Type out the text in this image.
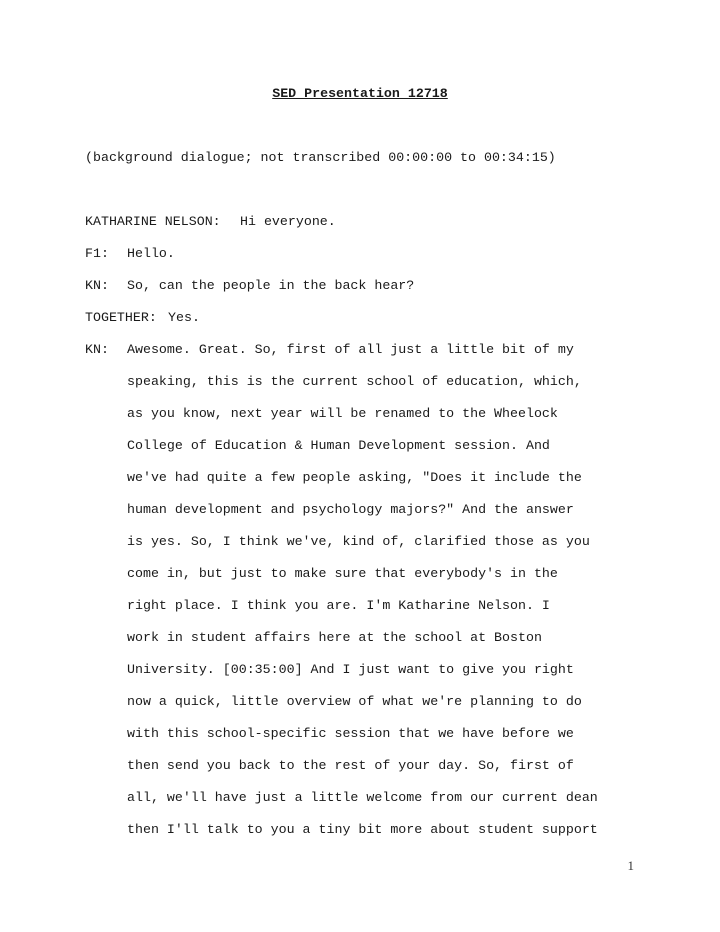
SED Presentation 12718
(background dialogue; not transcribed 00:00:00 to 00:34:15)
KATHARINE NELSON: Hi everyone.
F1: Hello.
KN: So, can the people in the back hear?
TOGETHER: Yes.
KN: Awesome. Great. So, first of all just a little bit of my
speaking, this is the current school of education, which,
as you know, next year will be renamed to the Wheelock
College of Education & Human Development session. And
we've had quite a few people asking, "Does it include the
human development and psychology majors?" And the answer
is yes. So, I think we've, kind of, clarified those as you
come in, but just to make sure that everybody's in the
right place. I think you are. I'm Katharine Nelson. I
work in student affairs here at the school at Boston
University. [00:35:00] And I just want to give you right
now a quick, little overview of what we're planning to do
with this school-specific session that we have before we
then send you back to the rest of your day. So, first of
all, we'll have just a little welcome from our current dean
then I'll talk to you a tiny bit more about student support
1
